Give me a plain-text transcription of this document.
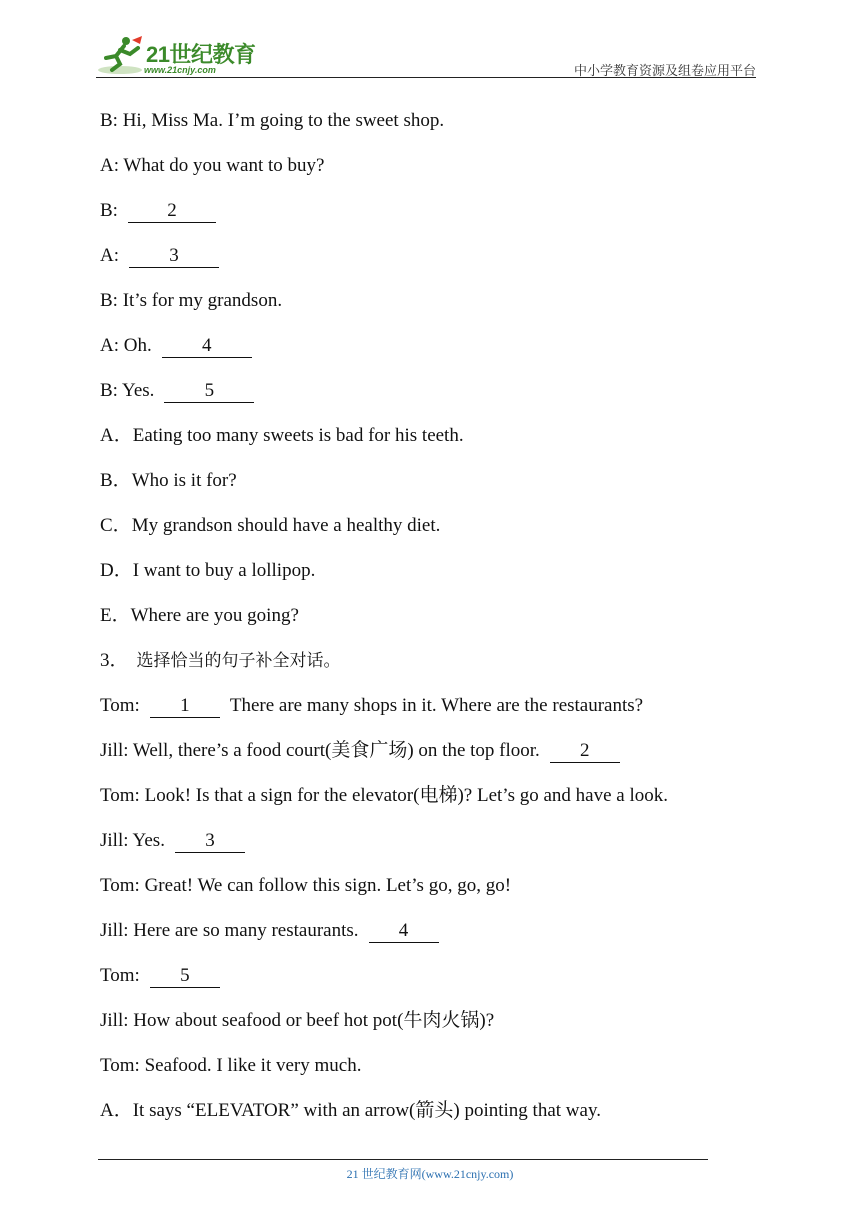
21世纪教育
www.21cnjy.com	中小学教育资源及组卷应用平台
B: Hi, Miss Ma. I’m going to the sweet shop.
A: What do you want to buy?
B:	2
A:	3
B: It’s for my grandson.
A: Oh.	4
B: Yes.	5
A．Eating too many sweets is bad for his teeth.
B．Who is it for?
C．My grandson should have a healthy diet.
D．I want to buy a lollipop.
E．Where are you going?
3． 选择恰当的句子补全对话。
Tom: 1 There are many shops in it. Where are the restaurants?
Jill: Well, there’s a food court(美食广场) on the top floor. 2
Tom: Look! Is that a sign for the elevator(电梯)? Let’s go and have a look.
Jill: Yes. 3
Tom: Great! We can follow this sign. Let’s go, go, go!
Jill: Here are so many restaurants. 4
Tom: 5
Jill: How about seafood or beef hot pot(牛肉火锅)?
Tom: Seafood. I like it very much.
A．It says “ELEVATOR” with an arrow(箭头) pointing that way.
21 世纪教育网(www.21cnjy.com)
